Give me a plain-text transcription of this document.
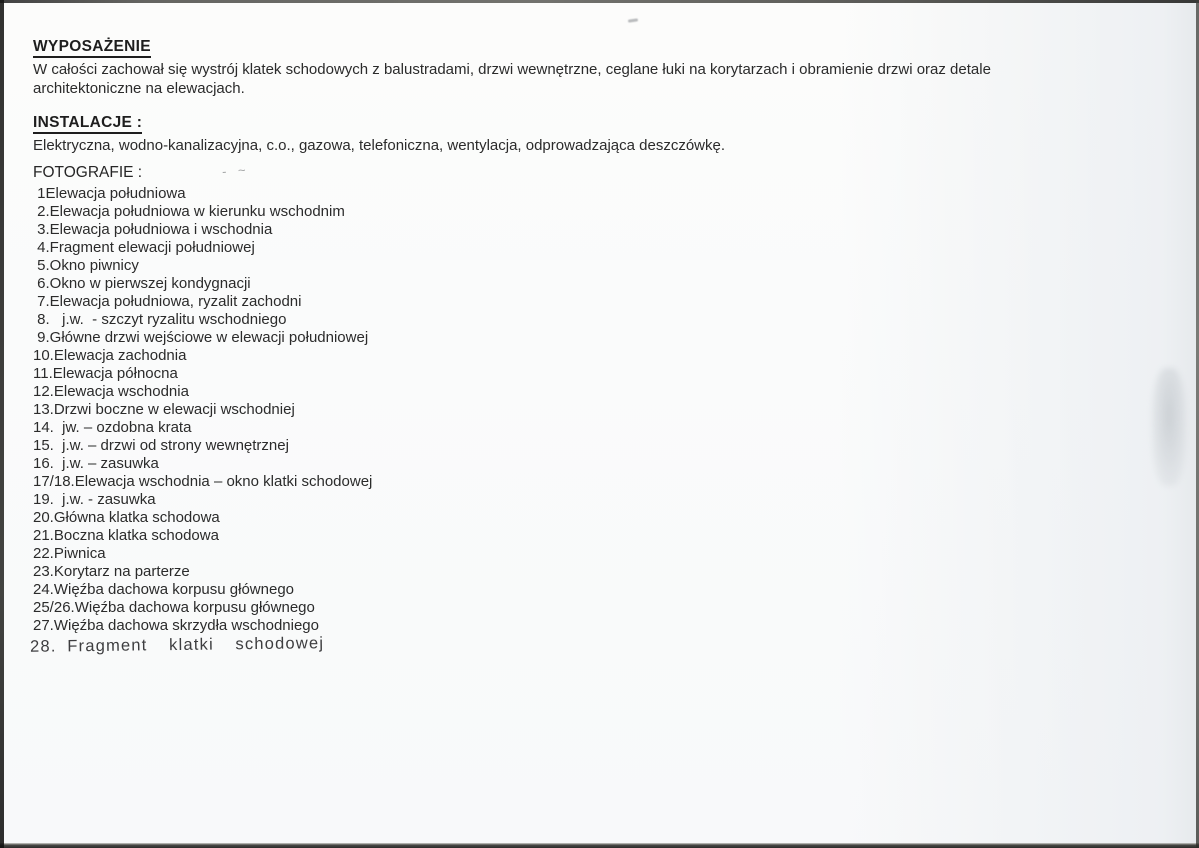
- ~
WYPOSAŻENIE
W całości zachował się wystrój klatek schodowych z balustradami, drzwi wewnętrzne, ceglane łuki na korytarzach i obramienie drzwi oraz detale
architektoniczne na elewacjach.
INSTALACJE :
Elektryczna, wodno-kanalizacyjna, c.o., gazowa, telefoniczna, wentylacja, odprowadzająca deszczówkę.
FOTOGRAFIE :
1Elewacja południowa
2.Elewacja południowa w kierunku wschodnim
3.Elewacja południowa i wschodnia
4.Fragment elewacji południowej
5.Okno piwnicy
6.Okno w pierwszej kondygnacji
7.Elewacja południowa, ryzalit zachodni
8.   j.w.  - szczyt ryzalitu wschodniego
9.Główne drzwi wejściowe w elewacji południowej
10.Elewacja zachodnia
11.Elewacja północna
12.Elewacja wschodnia
13.Drzwi boczne w elewacji wschodniej
14.  jw. – ozdobna krata
15.  j.w. – drzwi od strony wewnętrznej
16.  j.w. – zasuwka
17/18.Elewacja wschodnia – okno klatki schodowej
19.  j.w. - zasuwka
20.Główna klatka schodowa
21.Boczna klatka schodowa
22.Piwnica
23.Korytarz na parterze
24.Więźba dachowa korpusu głównego
25/26.Więźba dachowa korpusu głównego
27.Więźba dachowa skrzydła wschodniego
28. Fragment  klatki  schodowej
